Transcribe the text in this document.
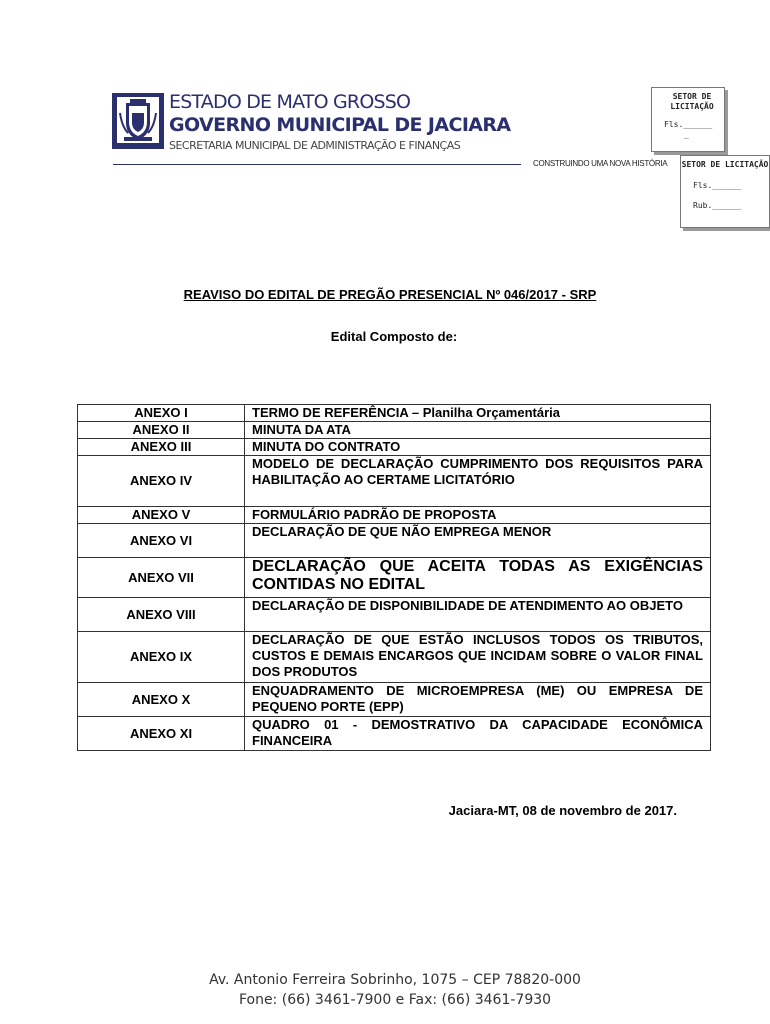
ESTADO DE MATO GROSSO
GOVERNO MUNICIPAL DE JACIARA
SECRETARIA MUNICIPAL DE ADMINISTRAÇÃO E FINANÇAS
CONSTRUINDO UMA NOVA HISTÓRIA
SETOR DE LICITAÇÃO
Fls.______
_
SETOR DE LICITAÇÃO
Fls.______
Rub.______
REAVISO DO EDITAL DE PREGÃO PRESENCIAL Nº 046/2017 - SRP
Edital Composto de:
ANEXO I	TERMO DE REFERÊNCIA – Planilha Orçamentária
ANEXO II	MINUTA DA ATA
ANEXO III	MINUTA DO CONTRATO
ANEXO IV	MODELO DE DECLARAÇÃO CUMPRIMENTO DOS REQUISITOS PARA HABILITAÇÃO AO CERTAME LICITATÓRIO
ANEXO V	FORMULÁRIO PADRÃO DE PROPOSTA
ANEXO VI	DECLARAÇÃO DE QUE NÃO EMPREGA MENOR
ANEXO VII	DECLARAÇÃO QUE ACEITA TODAS AS EXIGÊNCIAS CONTIDAS NO EDITAL
ANEXO VIII	DECLARAÇÃO DE DISPONIBILIDADE DE ATENDIMENTO AO OBJETO
ANEXO IX	DECLARAÇÃO DE QUE ESTÃO INCLUSOS TODOS OS TRIBUTOS, CUSTOS E DEMAIS ENCARGOS QUE INCIDAM SOBRE O VALOR FINAL DOS PRODUTOS
ANEXO X	ENQUADRAMENTO DE MICROEMPRESA (ME) OU EMPRESA DE PEQUENO PORTE (EPP)
ANEXO XI	QUADRO 01 - DEMOSTRATIVO DA CAPACIDADE ECONÔMICA FINANCEIRA
Jaciara-MT, 08 de novembro de 2017.
Av. Antonio Ferreira Sobrinho, 1075 – CEP 78820-000
Fone: (66) 3461-7900 e Fax: (66) 3461-7930
